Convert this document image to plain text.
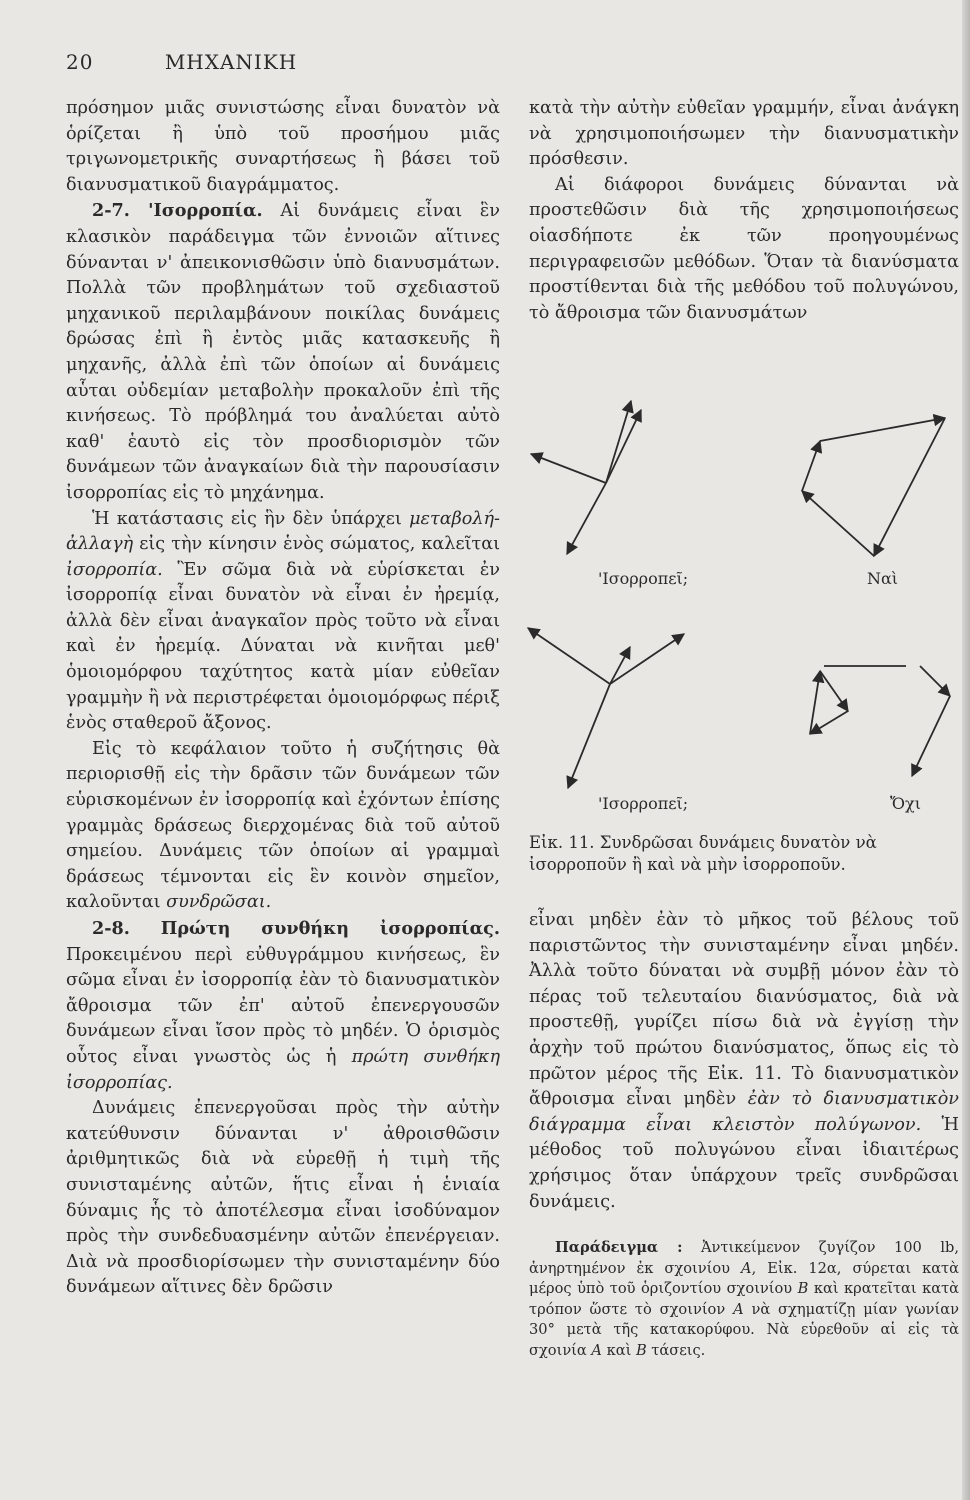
20	ΜΗΧΑΝΙΚΗ

πρόσημον μιᾶς συνιστώσης εἶναι δυνατὸν νὰ ὁρίζεται ἢ ὑπὸ τοῦ προσήμου μιᾶς τριγωνομετρικῆς συναρτήσεως ἢ βάσει τοῦ διανυσματικοῦ διαγράμματος.

2-7. 'Ισορροπία. Αἱ δυνάμεις εἶναι ἓν κλασικὸν παράδειγμα τῶν ἐννοιῶν αἵτινες δύνανται ν' ἀπεικονισθῶσιν ὑπὸ διανυσμάτων. Πολλὰ τῶν προβλημάτων τοῦ σχεδιαστοῦ μηχανικοῦ περιλαμβάνουν ποικίλας δυνάμεις δρώσας ἐπὶ ἢ ἐντὸς μιᾶς κατασκευῆς ἢ μηχανῆς, ἀλλὰ ἐπὶ τῶν ὁποίων αἱ δυνάμεις αὗται οὐδεμίαν μεταβολὴν προκαλοῦν ἐπὶ τῆς κινήσεως. Τὸ πρόβλημά του ἀναλύεται αὐτὸ καθ' ἑαυτὸ εἰς τὸν προσδιορισμὸν τῶν δυνάμεων τῶν ἀναγκαίων διὰ τὴν παρουσίασιν ἰσορροπίας εἰς τὸ μηχάνημα.

Ἡ κατάστασις εἰς ἣν δὲν ὑπάρχει μεταβολή-ἀλλαγὴ εἰς τὴν κίνησιν ἑνὸς σώματος, καλεῖται ἰσορροπία. Ἓν σῶμα διὰ νὰ εὑρίσκεται ἐν ἰσορροπίᾳ εἶναι δυνατὸν νὰ εἶναι ἐν ἠρεμίᾳ, ἀλλὰ δὲν εἶναι ἀναγκαῖον πρὸς τοῦτο νὰ εἶναι καὶ ἐν ἠρεμίᾳ. Δύναται νὰ κινῆται μεθ' ὁμοιομόρφου ταχύτητος κατὰ μίαν εὐθεῖαν γραμμὴν ἢ νὰ περιστρέφεται ὁμοιομόρφως πέριξ ἑνὸς σταθεροῦ ἄξονος.

Εἰς τὸ κεφάλαιον τοῦτο ἡ συζήτησις θὰ περιορισθῇ εἰς τὴν δρᾶσιν τῶν δυνάμεων τῶν εὑρισκομένων ἐν ἰσορροπίᾳ καὶ ἐχόντων ἐπίσης γραμμὰς δράσεως διερχομένας διὰ τοῦ αὐτοῦ σημείου. Δυνάμεις τῶν ὁποίων αἱ γραμμαὶ δράσεως τέμνονται εἰς ἓν κοινὸν σημεῖον, καλοῦνται συνδρῶσαι.

2-8. Πρώτη συνθήκη ἰσορροπίας. Προκειμένου περὶ εὐθυγράμμου κινήσεως, ἓν σῶμα εἶναι ἐν ἰσορροπίᾳ ἐὰν τὸ διανυσματικὸν ἄθροισμα τῶν ἐπ' αὐτοῦ ἐπενεργουσῶν δυνάμεων εἶναι ἴσον πρὸς τὸ μηδέν. Ὁ ὁρισμὸς οὗτος εἶναι γνωστὸς ὡς ἡ πρώτη συνθήκη ἰσορροπίας.

Δυνάμεις ἐπενεργοῦσαι πρὸς τὴν αὐτὴν κατεύθυνσιν δύνανται ν' ἀθροισθῶσιν ἀριθμητικῶς διὰ νὰ εὑρεθῇ ἡ τιμὴ τῆς συνισταμένης αὐτῶν, ἥτις εἶναι ἡ ἑνιαία δύναμις ἧς τὸ ἀποτέλεσμα εἶναι ἰσοδύναμον πρὸς τὴν συνδεδυασμένην αὐτῶν ἐπενέργειαν. Διὰ νὰ προσδιορίσωμεν τὴν συνισταμένην δύο δυνάμεων αἵτινες δὲν δρῶσιν

κατὰ τὴν αὐτὴν εὐθεῖαν γραμμήν, εἶναι ἀνάγκη νὰ χρησιμοποιήσωμεν τὴν διανυσματικὴν πρόσθεσιν.

Αἱ διάφοροι δυνάμεις δύνανται νὰ προστεθῶσιν διὰ τῆς χρησιμοποιήσεως οἱασδήποτε ἐκ τῶν προηγουμένως περιγραφεισῶν μεθόδων. Ὅταν τὰ διανύσματα προστίθενται διὰ τῆς μεθόδου τοῦ πολυγώνου, τὸ ἄθροισμα τῶν διανυσμάτων

'Ισορροπεῖ;	Ναὶ
'Ισορροπεῖ;	Ὄχι
Εἰκ. 11. Συνδρῶσαι δυνάμεις δυνατὸν νὰ ἰσορροποῦν ἢ καὶ νὰ μὴν ἰσορροποῦν.

εἶναι μηδὲν ἐὰν τὸ μῆκος τοῦ βέλους τοῦ παριστῶντος τὴν συνισταμένην εἶναι μηδέν. Ἀλλὰ τοῦτο δύναται νὰ συμβῇ μόνον ἐὰν τὸ πέρας τοῦ τελευταίου διανύσματος, διὰ νὰ προστεθῇ, γυρίζει πίσω διὰ νὰ ἐγγίσῃ τὴν ἀρχὴν τοῦ πρώτου διανύσματος, ὅπως εἰς τὸ πρῶτον μέρος τῆς Εἰκ. 11. Τὸ διανυσματικὸν ἄθροισμα εἶναι μηδὲν ἐὰν τὸ διανυσματικὸν διάγραμμα εἶναι κλειστὸν πολύγωνον. Ἡ μέθοδος τοῦ πολυγώνου εἶναι ἰδιαιτέρως χρήσιμος ὅταν ὑπάρχουν τρεῖς συνδρῶσαι δυνάμεις.

Παράδειγμα : Ἀντικείμενον ζυγίζον 100 lb, ἀνηρτημένον ἐκ σχοινίου A, Εἰκ. 12α, σύρεται κατὰ μέρος ὑπὸ τοῦ ὁριζοντίου σχοινίου B καὶ κρατεῖται κατὰ τρόπον ὥστε τὸ σχοινίον A νὰ σχηματίζῃ μίαν γωνίαν 30° μετὰ τῆς κατακορύφου. Νὰ εὑρεθοῦν αἱ εἰς τὰ σχοινία A καὶ B τάσεις.
